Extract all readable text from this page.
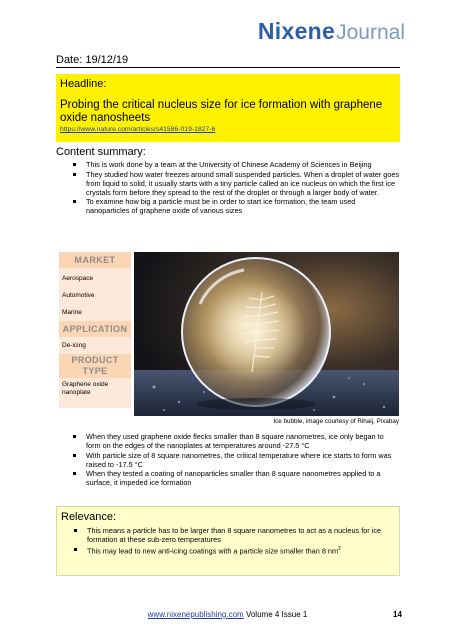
NixeneJournal
Date: 19/12/19
Headline:
Probing the critical nucleus size for ice formation with graphene oxide nanosheets
https://www.nature.com/articles/s41586-019-1827-6
Content summary:
This is work done by a team at the University of Chinese Academy of Sciences in Beijing
They studied how water freezes around small suspended particles. When a droplet of water goes from liquid to solid, it usually starts with a tiny particle called an ice nucleus on which the first ice crystals form before they spread to the rest of the droplet or through a larger body of water.
To examine how big a particle must be in order to start ice formation, the team used nanoparticles of graphene oxide of various sizes
MARKET
Aerospace
Automotive
Marine
APPLICATION
De-icing
PRODUCT
TYPE
Graphene oxide nanoplate
Ice bubble, image courtesy of Rihaij, Pixabay
When they used graphene oxide flecks smaller than 8 square nanometres, ice only began to form on the edges of the nanoplates at temperatures around -27.5 °C
With particle size of 8 square nanometres, the critical temperature where ice starts to form was raised to -17.5 °C
When they tested a coating of nanoparticles smaller than 8 square nanometres applied to a surface, it impeded ice formation
Relevance:
This means a particle has to be larger than 8 square nanometres to act as a nucleus for ice formation at these sub-zero temperatures
This may lead to new anti-icing coatings with a particle size smaller than 8 $nm^2$
www.nixenepublishing.com Volume 4 Issue 1	14
